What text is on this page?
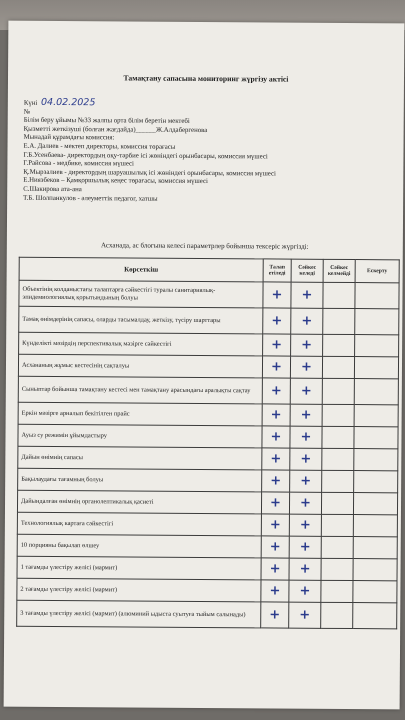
Тамақтану сапасына мониторинг жүргізу актісі
Күні 04.02.2025
№
Білім беру ұйымы №33 жалпы орта білім беретін мектебі
Қызметті жеткізуші (болған жағдайда)______Ж.Алдабергенова
Мынадай құрамдағы комиссия:
Е.А. Далиев - мектеп директоры, комиссия төрағасы
Г.Б.Усенбаева- директордың оқу-тәрбие ісі жөніндегі орынбасары, комиссия мүшесі
Г.Райсова - медбике, комиссия мүшесі
Қ.Мырзалиев - директордың шаруашылық ісі жөніндегі орынбасары, комиссия мүшесі
Е.Ниязбеков – Қамқоршылық кеңес төрағасы, комиссия мүшесі
С.Шакирова ата-ана
Т.Б. Шолпанкулов - әлеуметтік педагог, хатшы
Асханада, ас блогына келесі параметрлер бойынша тексеріс жүргізді:
Көрсеткіш	Талап етіледі	Сәйкес келеді	Сәйкес келмейді	Ескерту
Объектінің колданыстағы талаптарға сәйкестігі туралы санитариялық-эпидемиологиялық қорытындының болуы	+	+		
Тамақ өнімдерінің сапасы, оларды тасымалдау, жеткізу, түсіру шарттары	+	+		
Күнделікті мәзірдің перспективалық мәзірге сәйкестігі	+	+		
Асхананың жұмыс кестесінің сақталуы	+	+		
Сыныптар бойынша тамақтану кестесі мен тамақтану арасындағы аралықты сақтау	+	+		
Еркін мәзірге арналып бекітілген прайс	+	+		
Ауыз су режимін ұйымдастыру	+	+		
Дайын өнімнің сапасы	+	+		
Бақылаудағы тағамның болуы	+	+		
Дайындалған өнімнің органолептикалық қасиеті	+	+		
Технологиялық картаға сәйкестігі	+	+		
10 порцияны бақылап өлшеу	+	+		
1 тағамды үлестіру желісі (мармит)	+	+		
2 тағамды үлестіру желісі (мармит)	+	+		
3 тағамды үлестіру желісі (мармит) (алюминий ыдыста суытуға тыйым салынады)	+	+		
